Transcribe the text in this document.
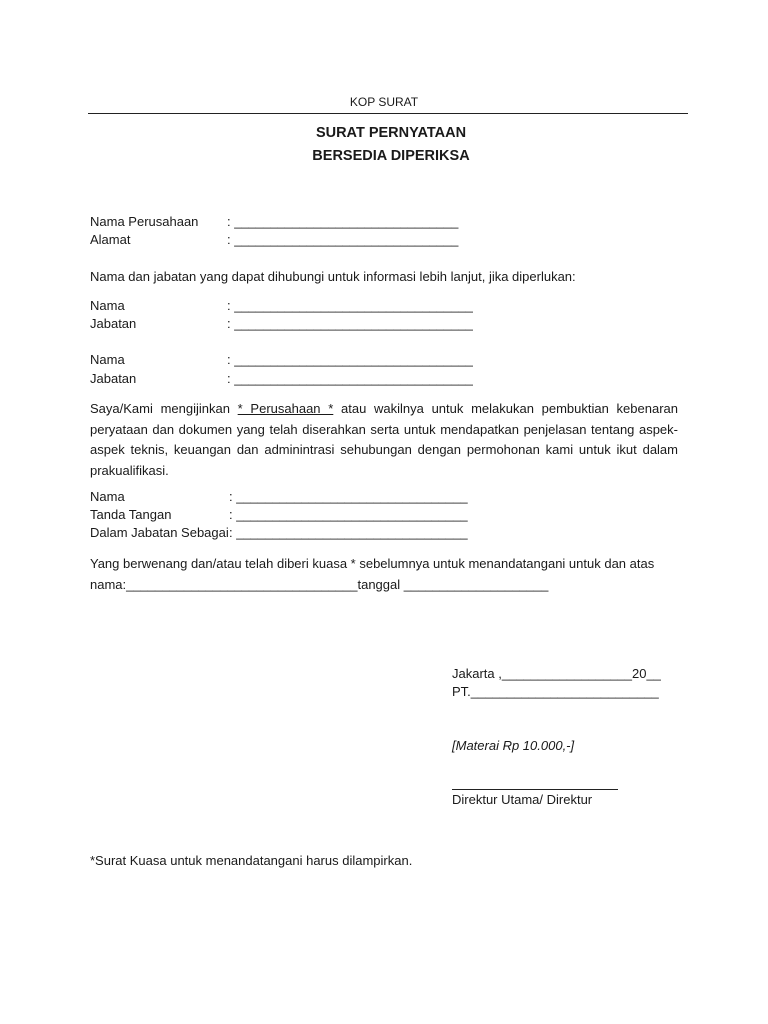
KOP SURAT
SURAT PERNYATAAN
BERSEDIA DIPERIKSA
Nama Perusahaan : _______________________________
Alamat	: _______________________________
Nama dan jabatan yang dapat dihubungi untuk informasi lebih lanjut, jika diperlukan:
Nama	: _________________________________
Jabatan	: _________________________________
Nama	: _________________________________
Jabatan	: _________________________________
Saya/Kami mengijinkan * Perusahaan * atau wakilnya untuk melakukan pembuktian kebenaran peryataan dan dokumen yang telah diserahkan serta untuk mendapatkan penjelasan tentang aspek-aspek teknis, keuangan dan adminintrasi sehubungan dengan permohonan kami untuk ikut dalam prakualifikasi.
Nama	: ________________________________
Tanda Tangan	: ________________________________
Dalam Jabatan Sebagai : ________________________________
Yang berwenang dan/atau telah diberi kuasa * sebelumnya untuk menandatangani untuk dan atas
nama:________________________________tanggal ____________________
Jakarta ,__________________20__
PT.__________________________
[Materai Rp 10.000,-]
Direktur Utama/ Direktur
*Surat Kuasa untuk menandatangani harus dilampirkan.
